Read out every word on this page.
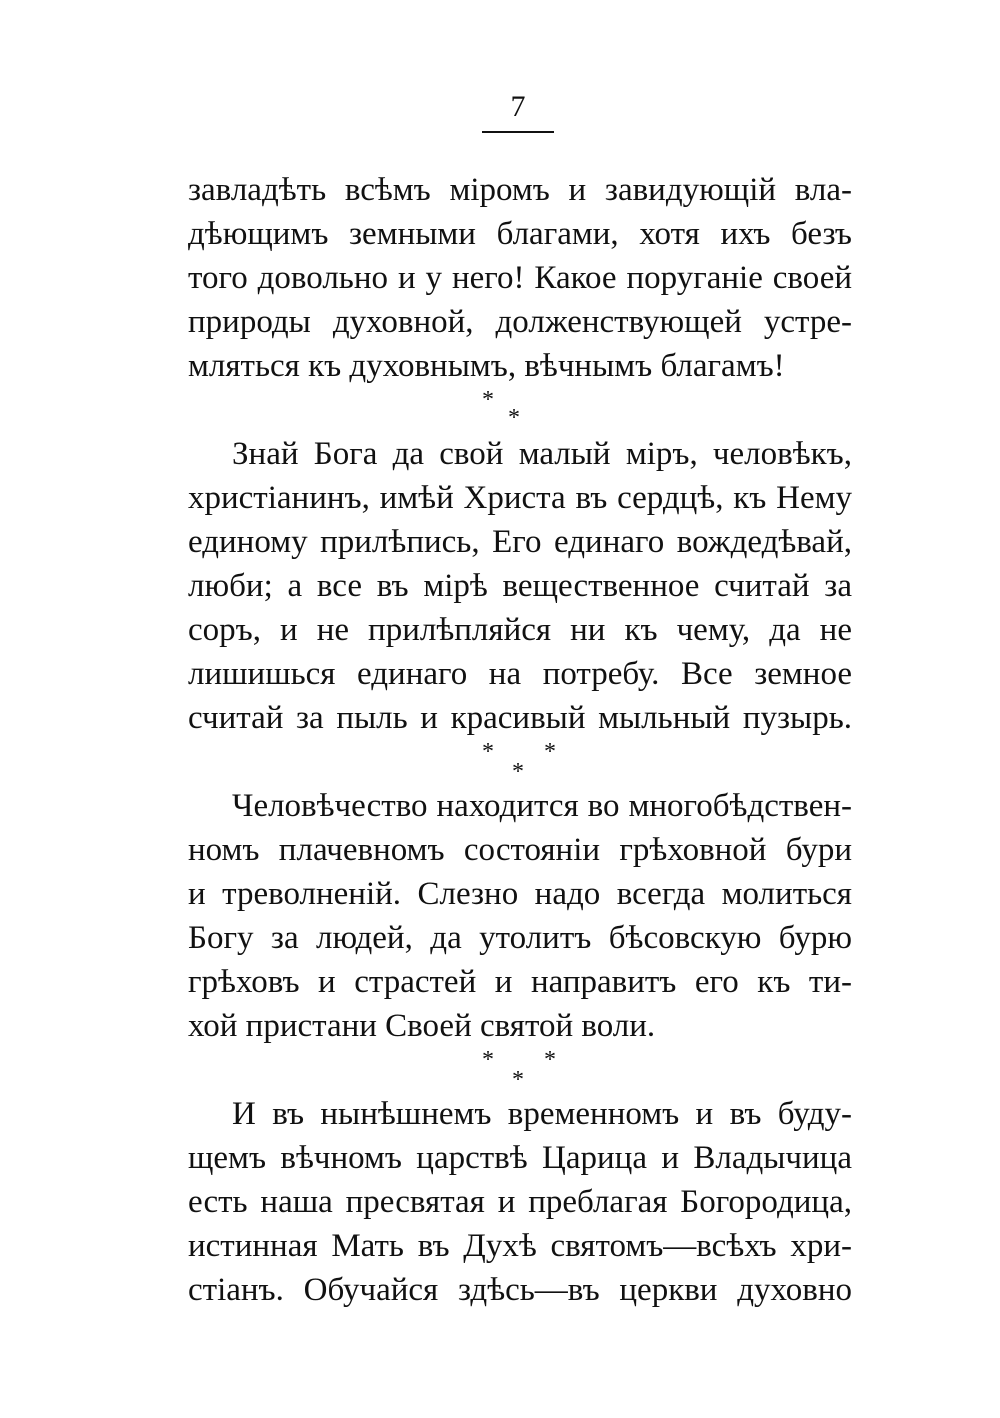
7
завладѣть всѣмъ міромъ и завидующій вла-
дѣющимъ земными благами, хотя ихъ безъ
того довольно и у него! Какое поруганіе своей
природы духовной, долженствующей устре-
мляться къ духовнымъ, вѣчнымъ благамъ!
*
*
Знай Бога да свой малый міръ, человѣкъ,
христіанинъ, имѣй Христа въ сердцѣ, къ Нему
единому прилѣпись, Его единаго вождедѣвай,
люби; а все въ мірѣ вещественное считай за
соръ, и не прилѣпляйся ни къ чему, да не
лишишься единаго на потребу. Все земное
считай за пыль и красивый мыльный пузырь.
* *
*
Человѣчество находится во многобѣдствен-
номъ плачевномъ состояніи грѣховной бури
и треволненій. Слезно надо всегда молиться
Богу за людей, да утолитъ бѣсовскую бурю
грѣховъ и страстей и направитъ его къ ти-
хой пристани Своей святой воли.
* *
*
И въ нынѣшнемъ временномъ и въ буду-
щемъ вѣчномъ царствѣ Царица и Владычица
есть наша пресвятая и преблагая Богородица,
истинная Мать въ Духѣ святомъ—всѣхъ хри-
стіанъ. Обучайся здѣсь—въ церкви духовно
